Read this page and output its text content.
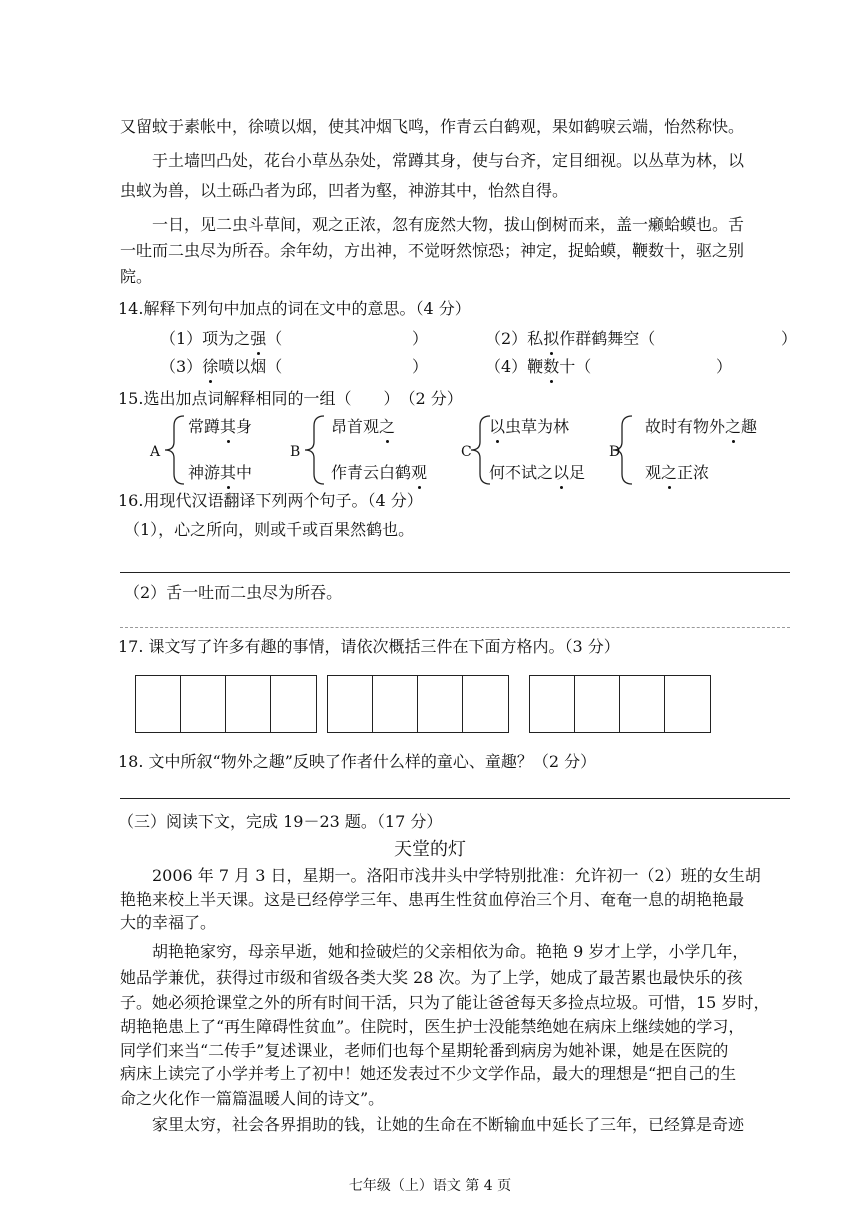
又留蚊于素帐中，徐喷以烟，使其冲烟飞鸣，作青云白鹤观，果如鹤唳云端，怡然称快。
于土墙凹凸处，花台小草丛杂处，常蹲其身，使与台齐，定目细视。以丛草为林，以
虫蚁为兽，以土砾凸者为邱，凹者为壑，神游其中，怡然自得。
一日，见二虫斗草间，观之正浓，忽有庞然大物，拔山倒树而来，盖一癞蛤蟆也。舌
一吐而二虫尽为所吞。余年幼，方出神，不觉呀然惊恐；神定，捉蛤蟆，鞭数十，驱之别
院。
14.解释下列句中加点的词在文中的意思。（4 分）
（1）项为之强（	）	（2）私拟作群鹤舞空（	）
（3）徐喷以烟（	）	（4）鞭数十（	）
15.选出加点词解释相同的一组（　　）　（2 分）
A	B	C	D
常蹲其身
神游其中
昂首观之
作青云白鹤观
以虫草为林
何不试之以足
故时有物外之趣
观之正浓
16.用现代汉语翻译下列两个句子。（4 分）
（1），心之所向，则或千或百果然鹤也。
（2）舌一吐而二虫尽为所吞。
17. 课文写了许多有趣的事情，请依次概括三件在下面方格内。（3 分）
18. 文中所叙“物外之趣”反映了作者什么样的童心、童趣？（2 分）
（三）阅读下文，完成 19－23 题。（17 分）
天堂的灯
2006 年 7 月 3 日，星期一。洛阳市浅井头中学特别批准：允许初一（2）班的女生胡
艳艳来校上半天课。这是已经停学三年、患再生性贫血停治三个月、奄奄一息的胡艳艳最
大的幸福了。
胡艳艳家穷，母亲早逝，她和捡破烂的父亲相依为命。艳艳 9 岁才上学，小学几年，
她品学兼优，获得过市级和省级各类大奖 28 次。为了上学，她成了最苦累也最快乐的孩
子。她必须抢课堂之外的所有时间干活，只为了能让爸爸每天多捡点垃圾。可惜，15 岁时，
胡艳艳患上了“再生障碍性贫血”。住院时，医生护士没能禁绝她在病床上继续她的学习，
同学们来当“二传手”复述课业，老师们也每个星期轮番到病房为她补课，她是在医院的
病床上读完了小学并考上了初中！她还发表过不少文学作品，最大的理想是“把自己的生
命之火化作一篇篇温暖人间的诗文”。
家里太穷，社会各界捐助的钱，让她的生命在不断输血中延长了三年，已经算是奇迹
七年级（上）语文 第 4 页
